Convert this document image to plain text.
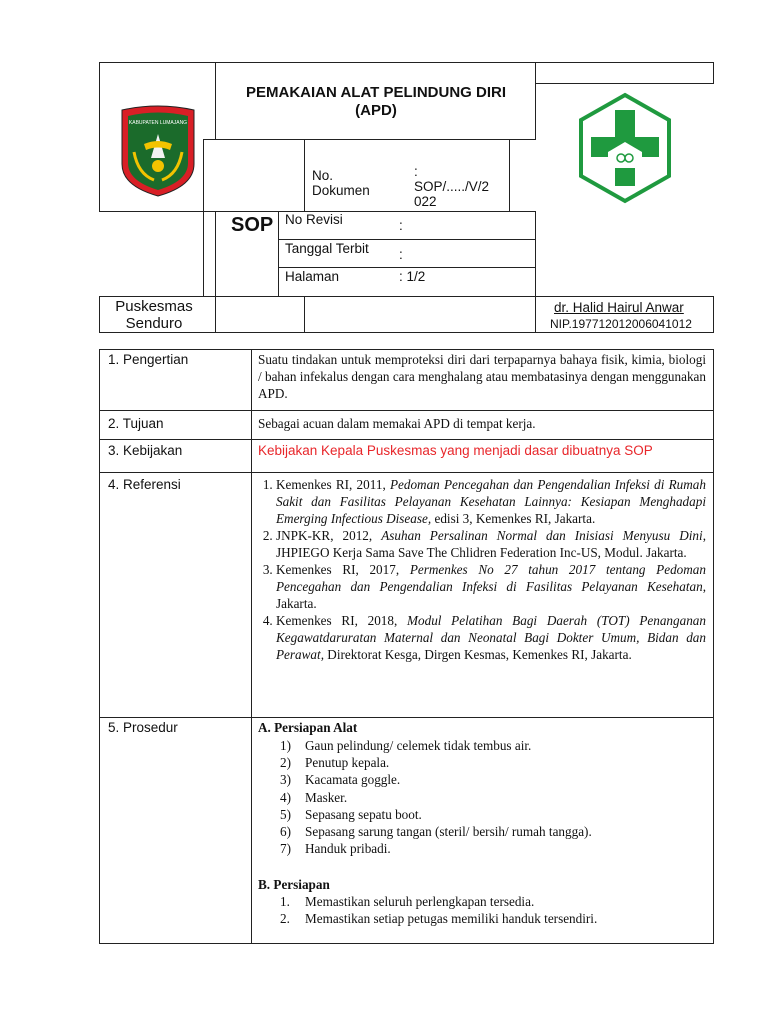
KABUPATEN LUMAJANG
PEMAKAIAN ALAT PELINDUNG DIRI
(APD)
No.
Dokumen
:
SOP/...../V/2
022
SOP No Revisi	:
Tanggal Terbit :
Halaman	: 1/2
Puskesmas
Senduro
dr. Halid Hairul Anwar
NIP.197712012006041012
1. Pengertian	Suatu tindakan untuk memproteksi diri dari terpaparnya bahaya fisik, kimia, biologi / bahan infekalus dengan cara menghalang atau membatasinya dengan menggunakan APD.
2. Tujuan	Sebagai acuan dalam memakai APD di tempat kerja.
3. Kebijakan	Kebijakan Kepala Puskesmas yang menjadi dasar dibuatnya SOP
4. Referensi
1.	Kemenkes RI, 2011, Pedoman Pencegahan dan Pengendalian Infeksi di Rumah Sakit dan Fasilitas Pelayanan Kesehatan Lainnya: Kesiapan Menghadapi Emerging Infectious Disease, edisi 3, Kemenkes RI, Jakarta.
2. JNPK-KR, 2012, Asuhan Persalinan Normal dan Inisiasi Menyusu Dini, JHPIEGO Kerja Sama Save The Chlidren Federation Inc-US, Modul. Jakarta.
3. Kemenkes RI, 2017, Permenkes No 27 tahun 2017 tentang Pedoman Pencegahan dan Pengendalian Infeksi di Fasilitas Pelayanan Kesehatan, Jakarta.
4. Kemenkes RI, 2018, Modul Pelatihan Bagi Daerah (TOT) Penanganan Kegawatdaruratan Maternal dan Neonatal Bagi Dokter Umum, Bidan dan Perawat, Direktorat Kesga, Dirgen Kesmas, Kemenkes RI, Jakarta.
5. Prosedur	A. Persiapan Alat
1)	Gaun pelindung/ celemek tidak tembus air.
2)	Penutup kepala.
3)	Kacamata goggle.
4)	Masker.
5)	Sepasang sepatu boot.
6)	Sepasang sarung tangan (steril/ bersih/ rumah tangga).
7)	Handuk pribadi.
B. Persiapan
1.	Memastikan seluruh perlengkapan tersedia.
2.	Memastikan setiap petugas memiliki handuk tersendiri.
